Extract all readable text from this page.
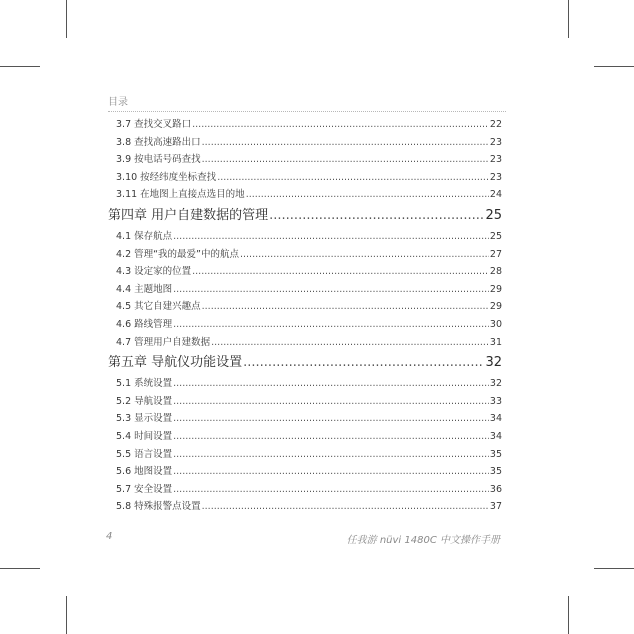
目录
3.7 查找交叉路口 .....	22
3.8 查找高速路出口 .....	23
3.9 按电话号码查找 .....	23
3.10 按经纬度坐标查找 .....	23
3.11 在地图上直接点选目的地 .....	24
第四章 用户自建数据的管理 .....	25
4.1 保存航点 .....	25
4.2 管理“我的最爱”中的航点 .....	27
4.3 设定家的位置 .....	28
4.4 主题地图 .....	29
4.5 其它自建兴趣点 .....	29
4.6 路线管理 .....	30
4.7 管理用户自建数据 .....	31
第五章 导航仪功能设置 .....	32
5.1 系统设置 .....	32
5.2 导航设置 .....	33
5.3 显示设置 .....	34
5.4 时间设置 .....	34
5.5 语言设置 .....	35
5.6 地图设置 .....	35
5.7 安全设置 .....	36
5.8 特殊报警点设置 .....	37
4	任我游 nüvi 1480C 中文操作手册
